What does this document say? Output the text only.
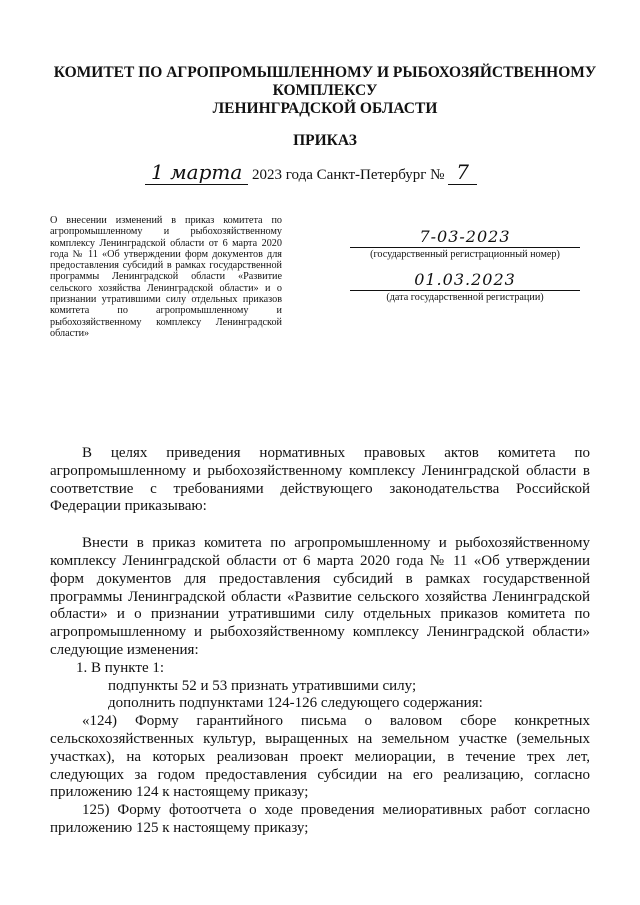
КОМИТЕТ ПО АГРОПРОМЫШЛЕННОМУ И РЫБОХОЗЯЙСТВЕННОМУ
КОМПЛЕКСУ
ЛЕНИНГРАДСКОЙ ОБЛАСТИ
ПРИКАЗ
1 марта 2023 года Санкт-Петербург № 7
О внесении изменений в приказ комитета по агропромышленному и рыбохозяйственному комплексу Ленинградской области от 6 марта 2020 года № 11 «Об утверждении форм документов для предоставления субсидий в рамках государственной программы Ленинградской области «Развитие сельского хозяйства Ленинградской области» и о признании утратившими силу отдельных приказов комитета по агропромышленному и рыбохозяйственному комплексу Ленинградской области»
7-03-2023
(государственный регистрационный номер)
01.03.2023
(дата государственной регистрации)

В целях приведения нормативных правовых актов комитета по агропромышленному и рыбохозяйственному комплексу Ленинградской области в соответствие с требованиями действующего законодательства Российской Федерации приказываю:

Внести в приказ комитета по агропромышленному и рыбохозяйственному комплексу Ленинградской области от 6 марта 2020 года № 11 «Об утверждении форм документов для предоставления субсидий в рамках государственной программы Ленинградской области «Развитие сельского хозяйства Ленинградской области» и о признании утратившими силу отдельных приказов комитета по агропромышленному и рыбохозяйственному комплексу Ленинградской области» следующие изменения:

1. В пункте 1:

подпункты 52 и 53 признать утратившими силу;

дополнить подпунктами 124-126 следующего содержания:

«124) Форму гарантийного письма о валовом сборе конкретных сельскохозяйственных культур, выращенных на земельном участке (земельных участках), на которых реализован проект мелиорации, в течение трех лет, следующих за годом предоставления субсидии на его реализацию, согласно приложению 124 к настоящему приказу;

125) Форму фотоотчета о ходе проведения мелиоративных работ согласно приложению 125 к настоящему приказу;
